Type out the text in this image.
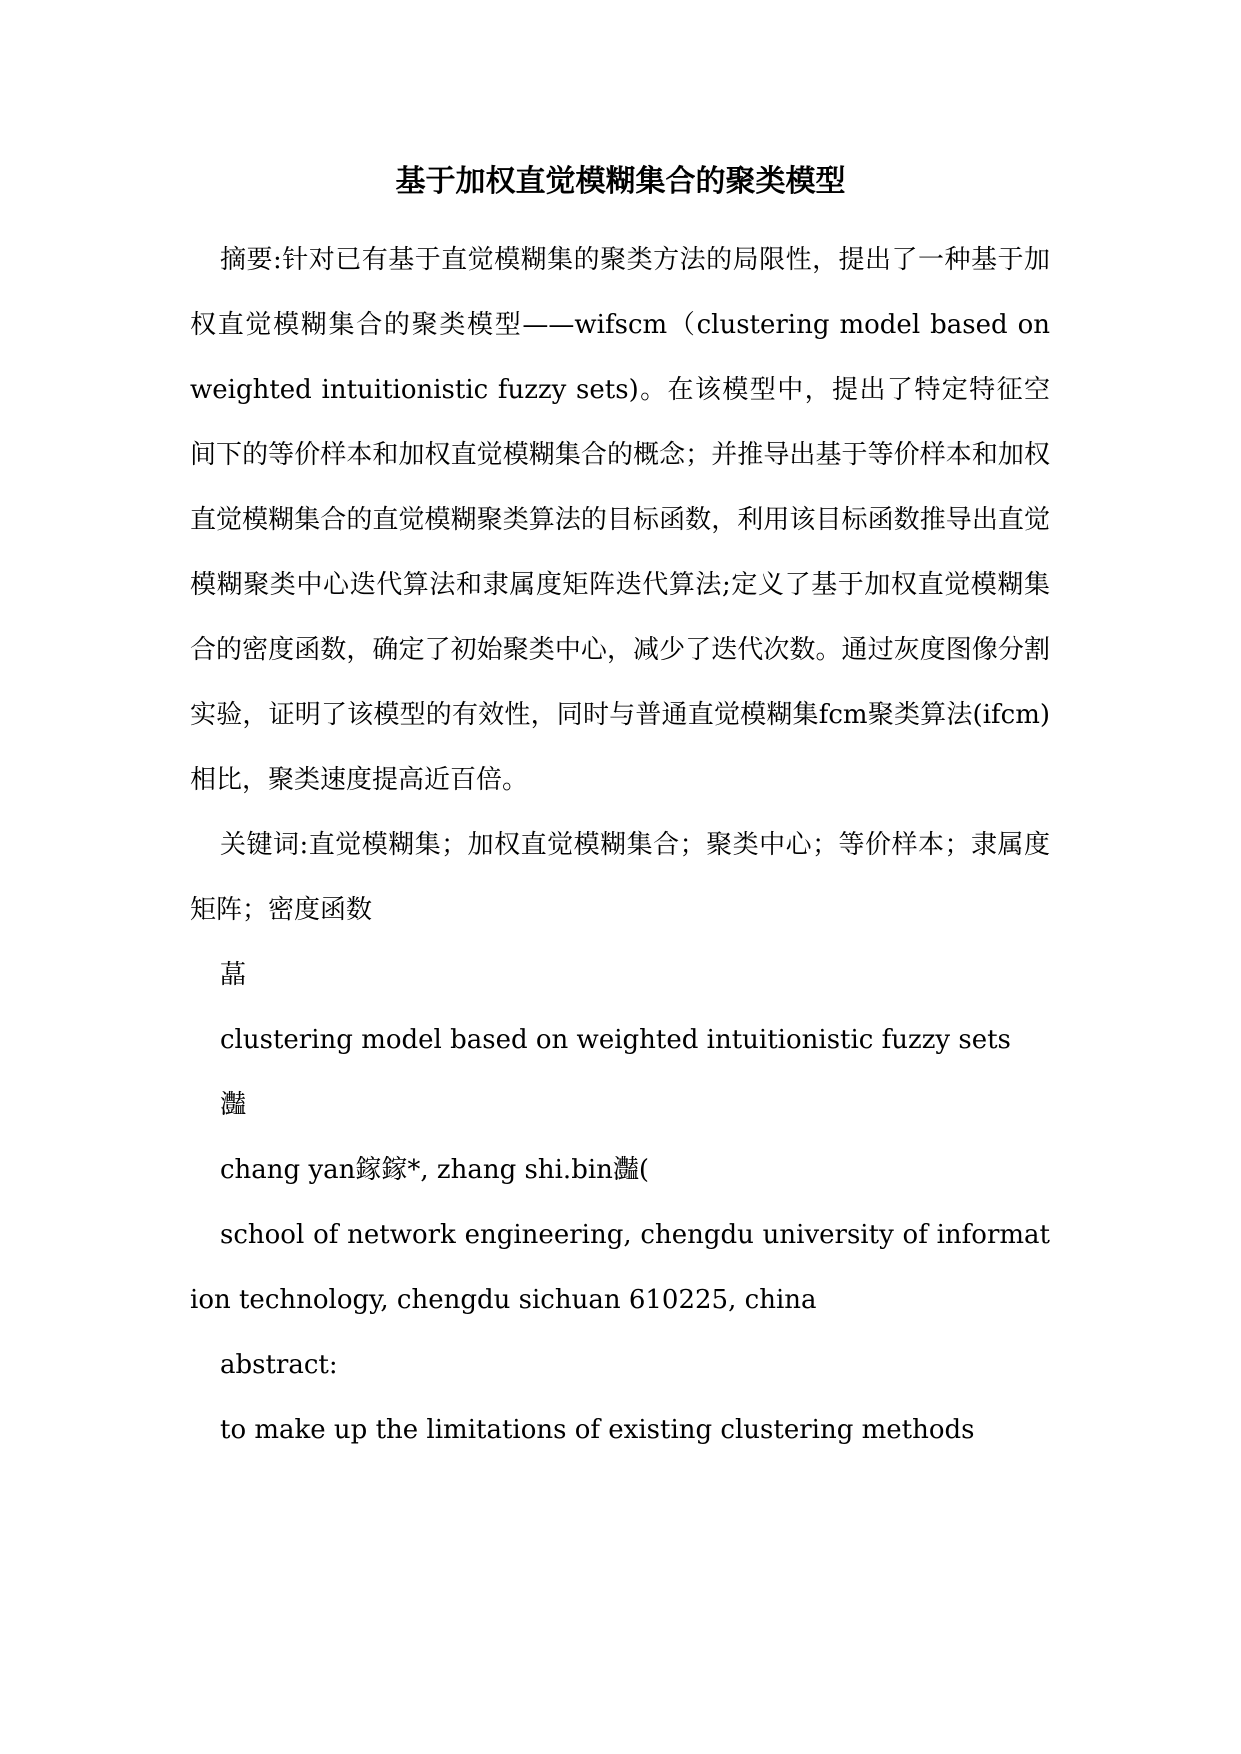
基于加权直觉模糊集合的聚类模型

摘要:针对已有基于直觉模糊集的聚类方法的局限性，提出了一种基于加权直觉模糊集合的聚类模型——wifscm（clustering model based on weighted intuitionistic fuzzy sets)。在该模型中，提出了特定特征空间下的等价样本和加权直觉模糊集合的概念；并推导出基于等价样本和加权直觉模糊集合的直觉模糊聚类算法的目标函数，利用该目标函数推导出直觉模糊聚类中心迭代算法和隶属度矩阵迭代算法;定义了基于加权直觉模糊集合的密度函数，确定了初始聚类中心，减少了迭代次数。通过灰度图像分割实验，证明了该模型的有效性，同时与普通直觉模糊集fcm聚类算法(ifcm)相比，聚类速度提高近百倍。

关键词:直觉模糊集；加权直觉模糊集合；聚类中心；等价样本；隶属度矩阵；密度函数

蕌

clustering model based on weighted intuitionistic fuzzy sets

灎

chang yan鎵鎵*, zhang shi.bin灎(

school of network engineering, chengdu university of information technology, chengdu sichuan 610225, china

abstract:

to make up the limitations of existing clustering methods
